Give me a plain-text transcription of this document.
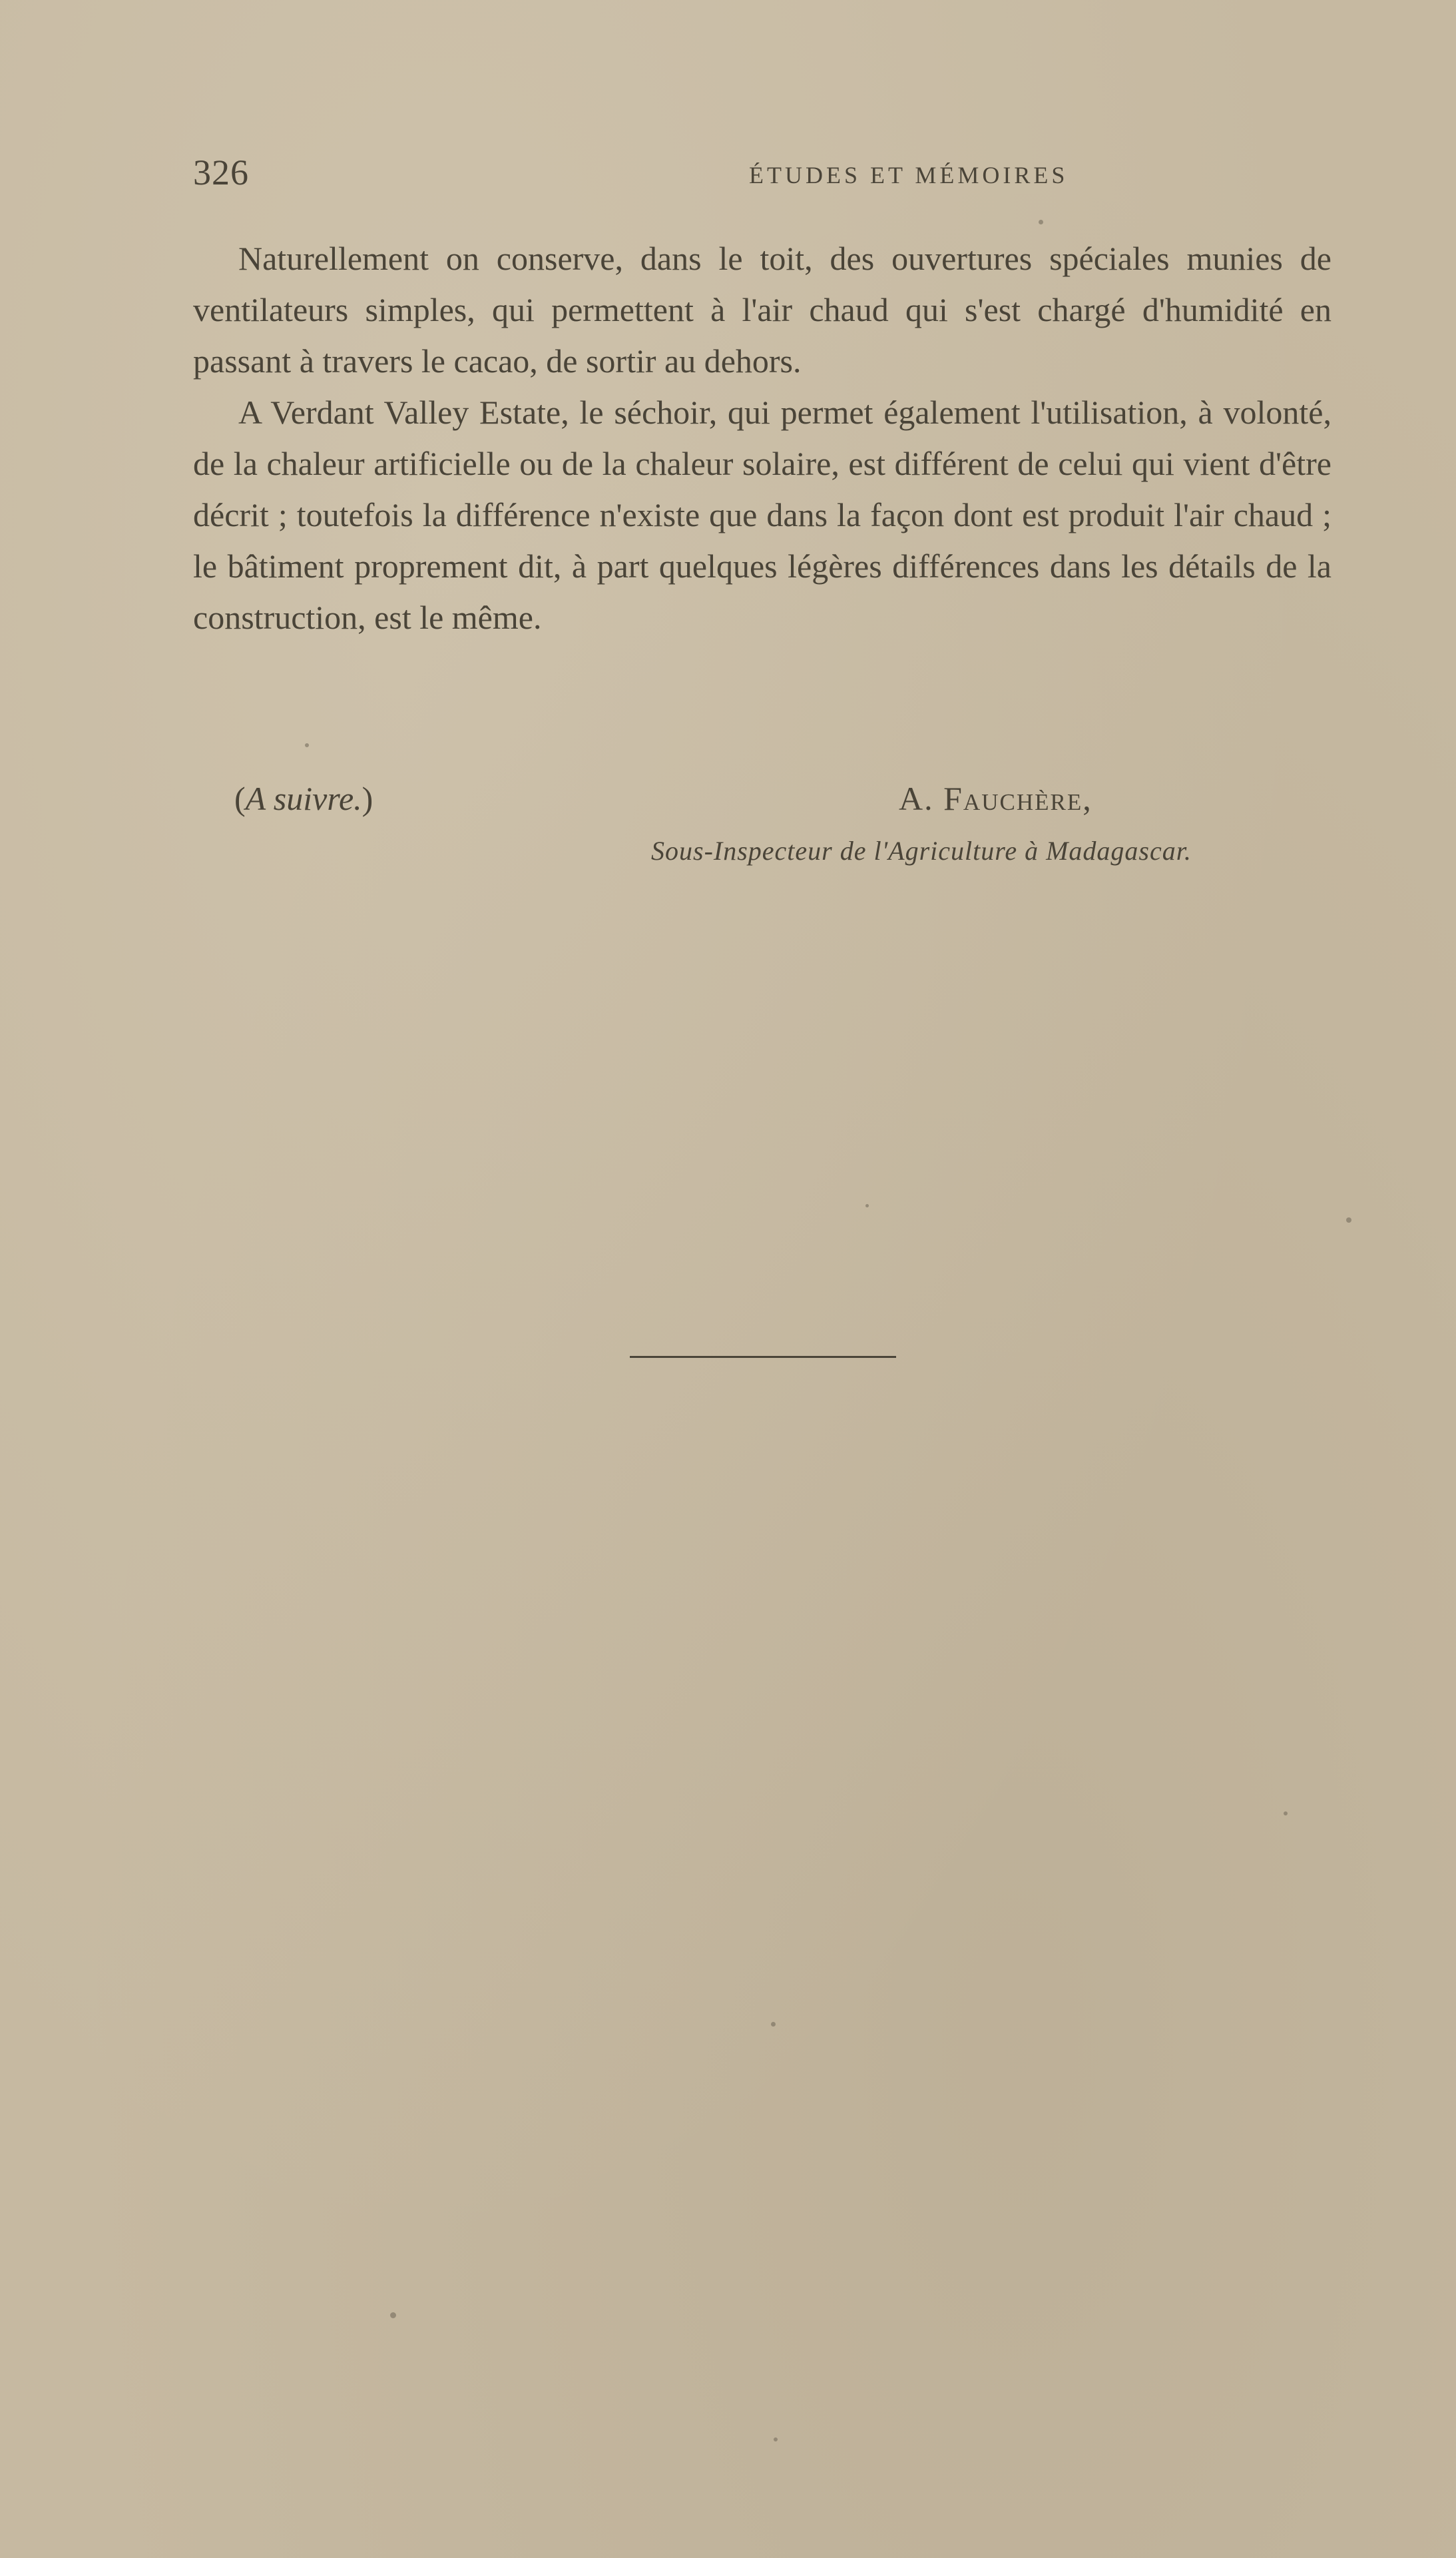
326	ÉTUDES ET MÉMOIRES

Naturellement on conserve, dans le toit, des ouvertures spéciales munies de ventilateurs simples, qui permettent à l'air chaud qui s'est chargé d'humidité en passant à travers le cacao, de sortir au dehors.

A Verdant Valley Estate, le séchoir, qui permet également l'utilisation, à volonté, de la chaleur artificielle ou de la chaleur solaire, est différent de celui qui vient d'être décrit ; toutefois la différence n'existe que dans la façon dont est produit l'air chaud ; le bâtiment proprement dit, à part quelques légères différences dans les détails de la construction, est le même.

(A suivre.)	A. Fauchère,
Sous-Inspecteur de l'Agriculture à Madagascar.
